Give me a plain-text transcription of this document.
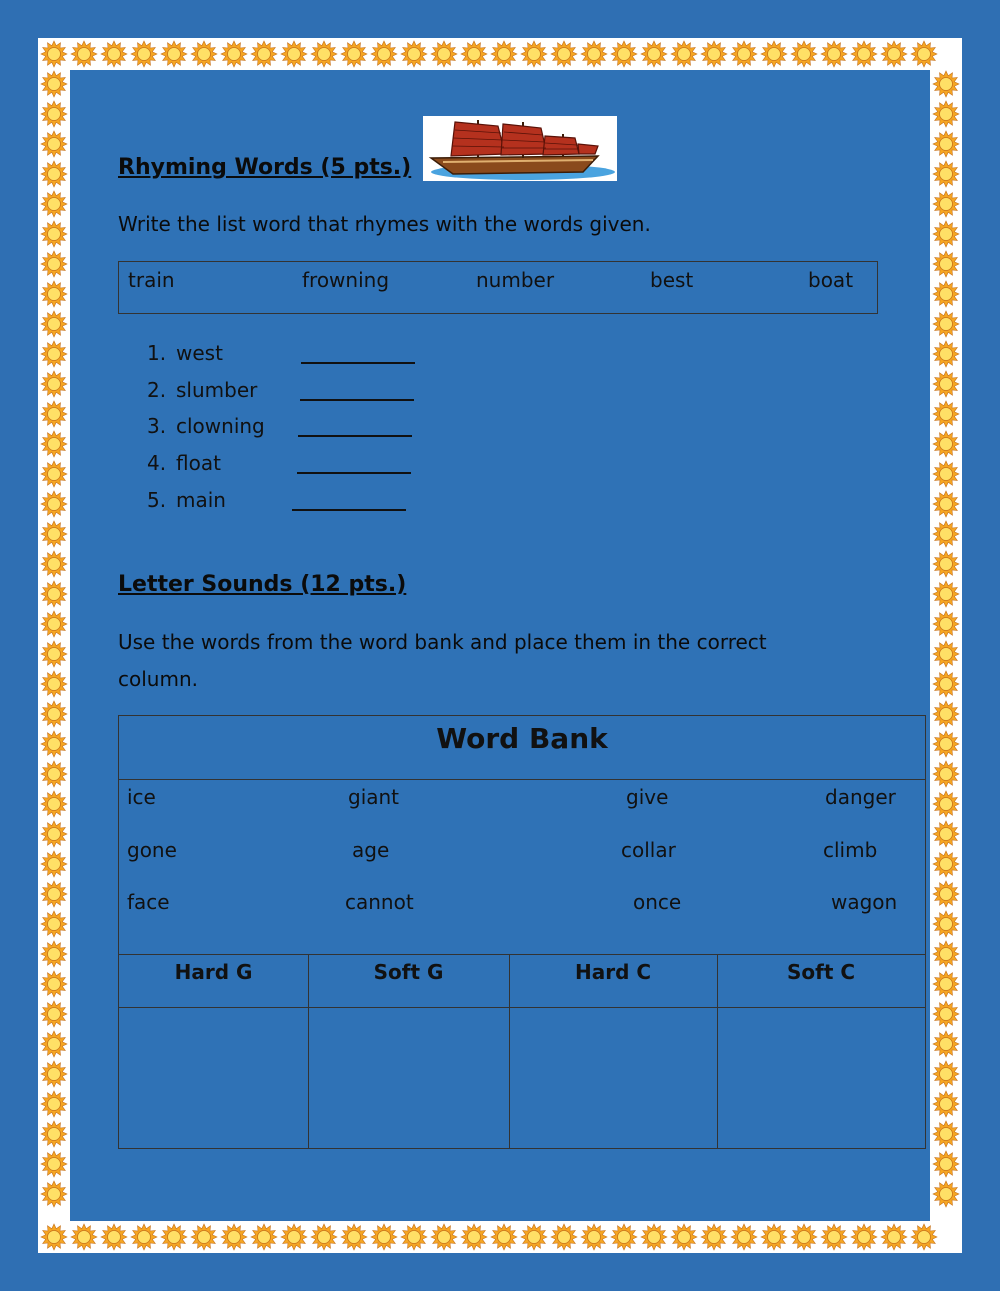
Rhyming Words (5 pts.)
Write the list word that rhymes with the words given.
train	frowning	number	best	boat
1. west
2. slumber
3. clowning
4. float
5. main
Letter Sounds (12 pts.)
Use the words from the word bank and place them in the correct
column.
Word Bank
ice	giant	give	danger
gone	age	collar	climb
face	cannot	once	wagon
Hard G	Soft G	Hard C	Soft C
